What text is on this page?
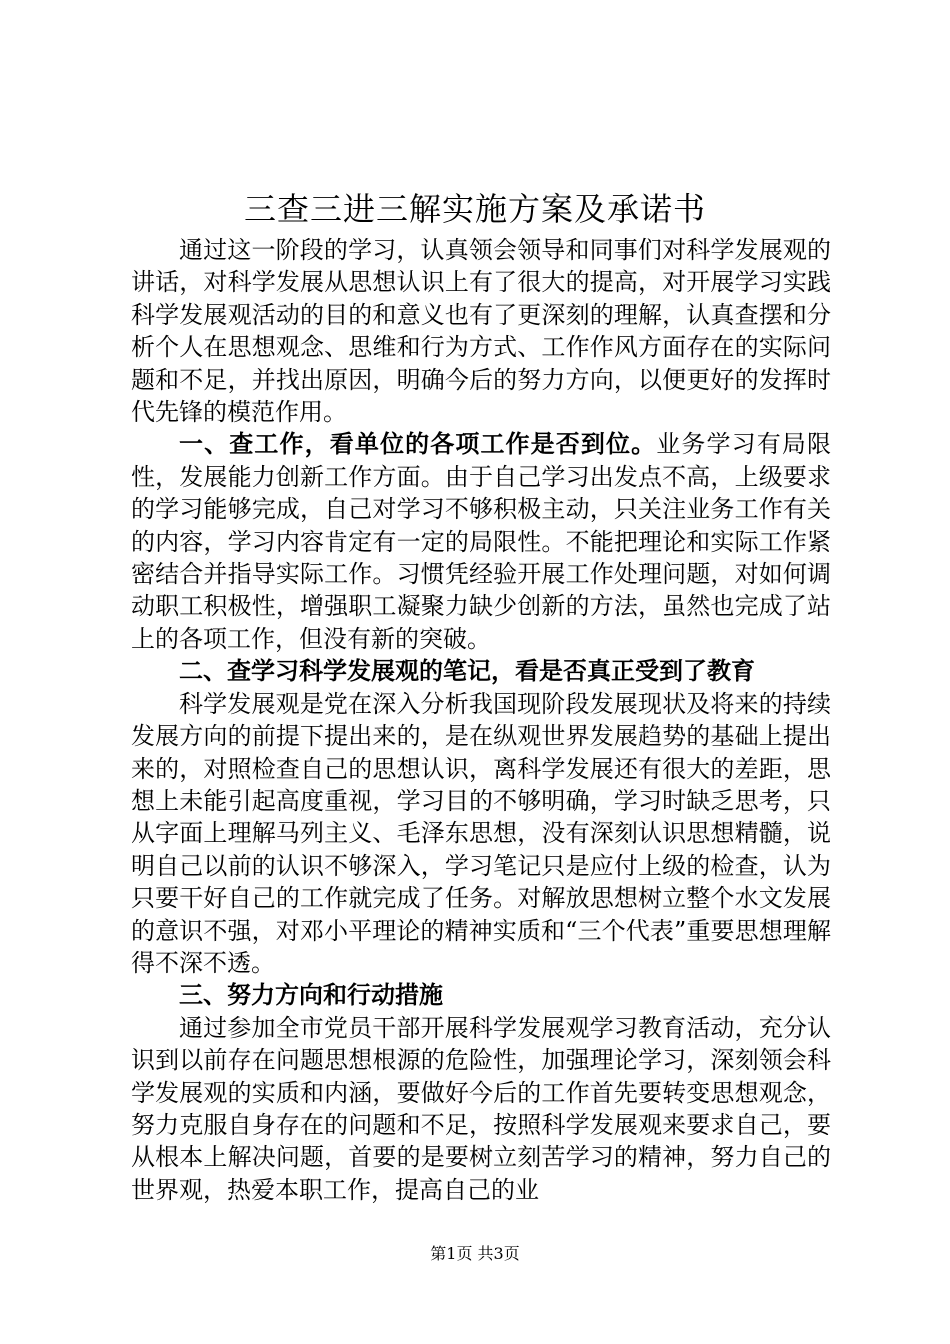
三查三进三解实施方案及承诺书

通过这一阶段的学习，认真领会领导和同事们对科学发展观的讲话，对科学发展从思想认识上有了很大的提高，对开展学习实践科学发展观活动的目的和意义也有了更深刻的理解，认真查摆和分析个人在思想观念、思维和行为方式、工作作风方面存在的实际问题和不足，并找出原因，明确今后的努力方向，以便更好的发挥时代先锋的模范作用。

一、查工作，看单位的各项工作是否到位。业务学习有局限性，发展能力创新工作方面。由于自己学习出发点不高，上级要求的学习能够完成，自己对学习不够积极主动，只关注业务工作有关的内容，学习内容肯定有一定的局限性。不能把理论和实际工作紧密结合并指导实际工作。习惯凭经验开展工作处理问题，对如何调动职工积极性，增强职工凝聚力缺少创新的方法，虽然也完成了站上的各项工作，但没有新的突破。

二、查学习科学发展观的笔记，看是否真正受到了教育

科学发展观是党在深入分析我国现阶段发展现状及将来的持续发展方向的前提下提出来的，是在纵观世界发展趋势的基础上提出来的，对照检查自己的思想认识，离科学发展还有很大的差距，思想上未能引起高度重视，学习目的不够明确，学习时缺乏思考，只从字面上理解马列主义、毛泽东思想，没有深刻认识思想精髓，说明自己以前的认识不够深入，学习笔记只是应付上级的检查，认为只要干好自己的工作就完成了任务。对解放思想树立整个水文发展的意识不强，对邓小平理论的精神实质和“三个代表”重要思想理解得不深不透。

三、努力方向和行动措施

通过参加全市党员干部开展科学发展观学习教育活动，充分认识到以前存在问题思想根源的危险性，加强理论学习，深刻领会科学发展观的实质和内涵，要做好今后的工作首先要转变思想观念，努力克服自身存在的问题和不足，按照科学发展观来要求自己，要从根本上解决问题，首要的是要树立刻苦学习的精神，努力自己的世界观，热爱本职工作，提高自己的业

第1页 共3页
